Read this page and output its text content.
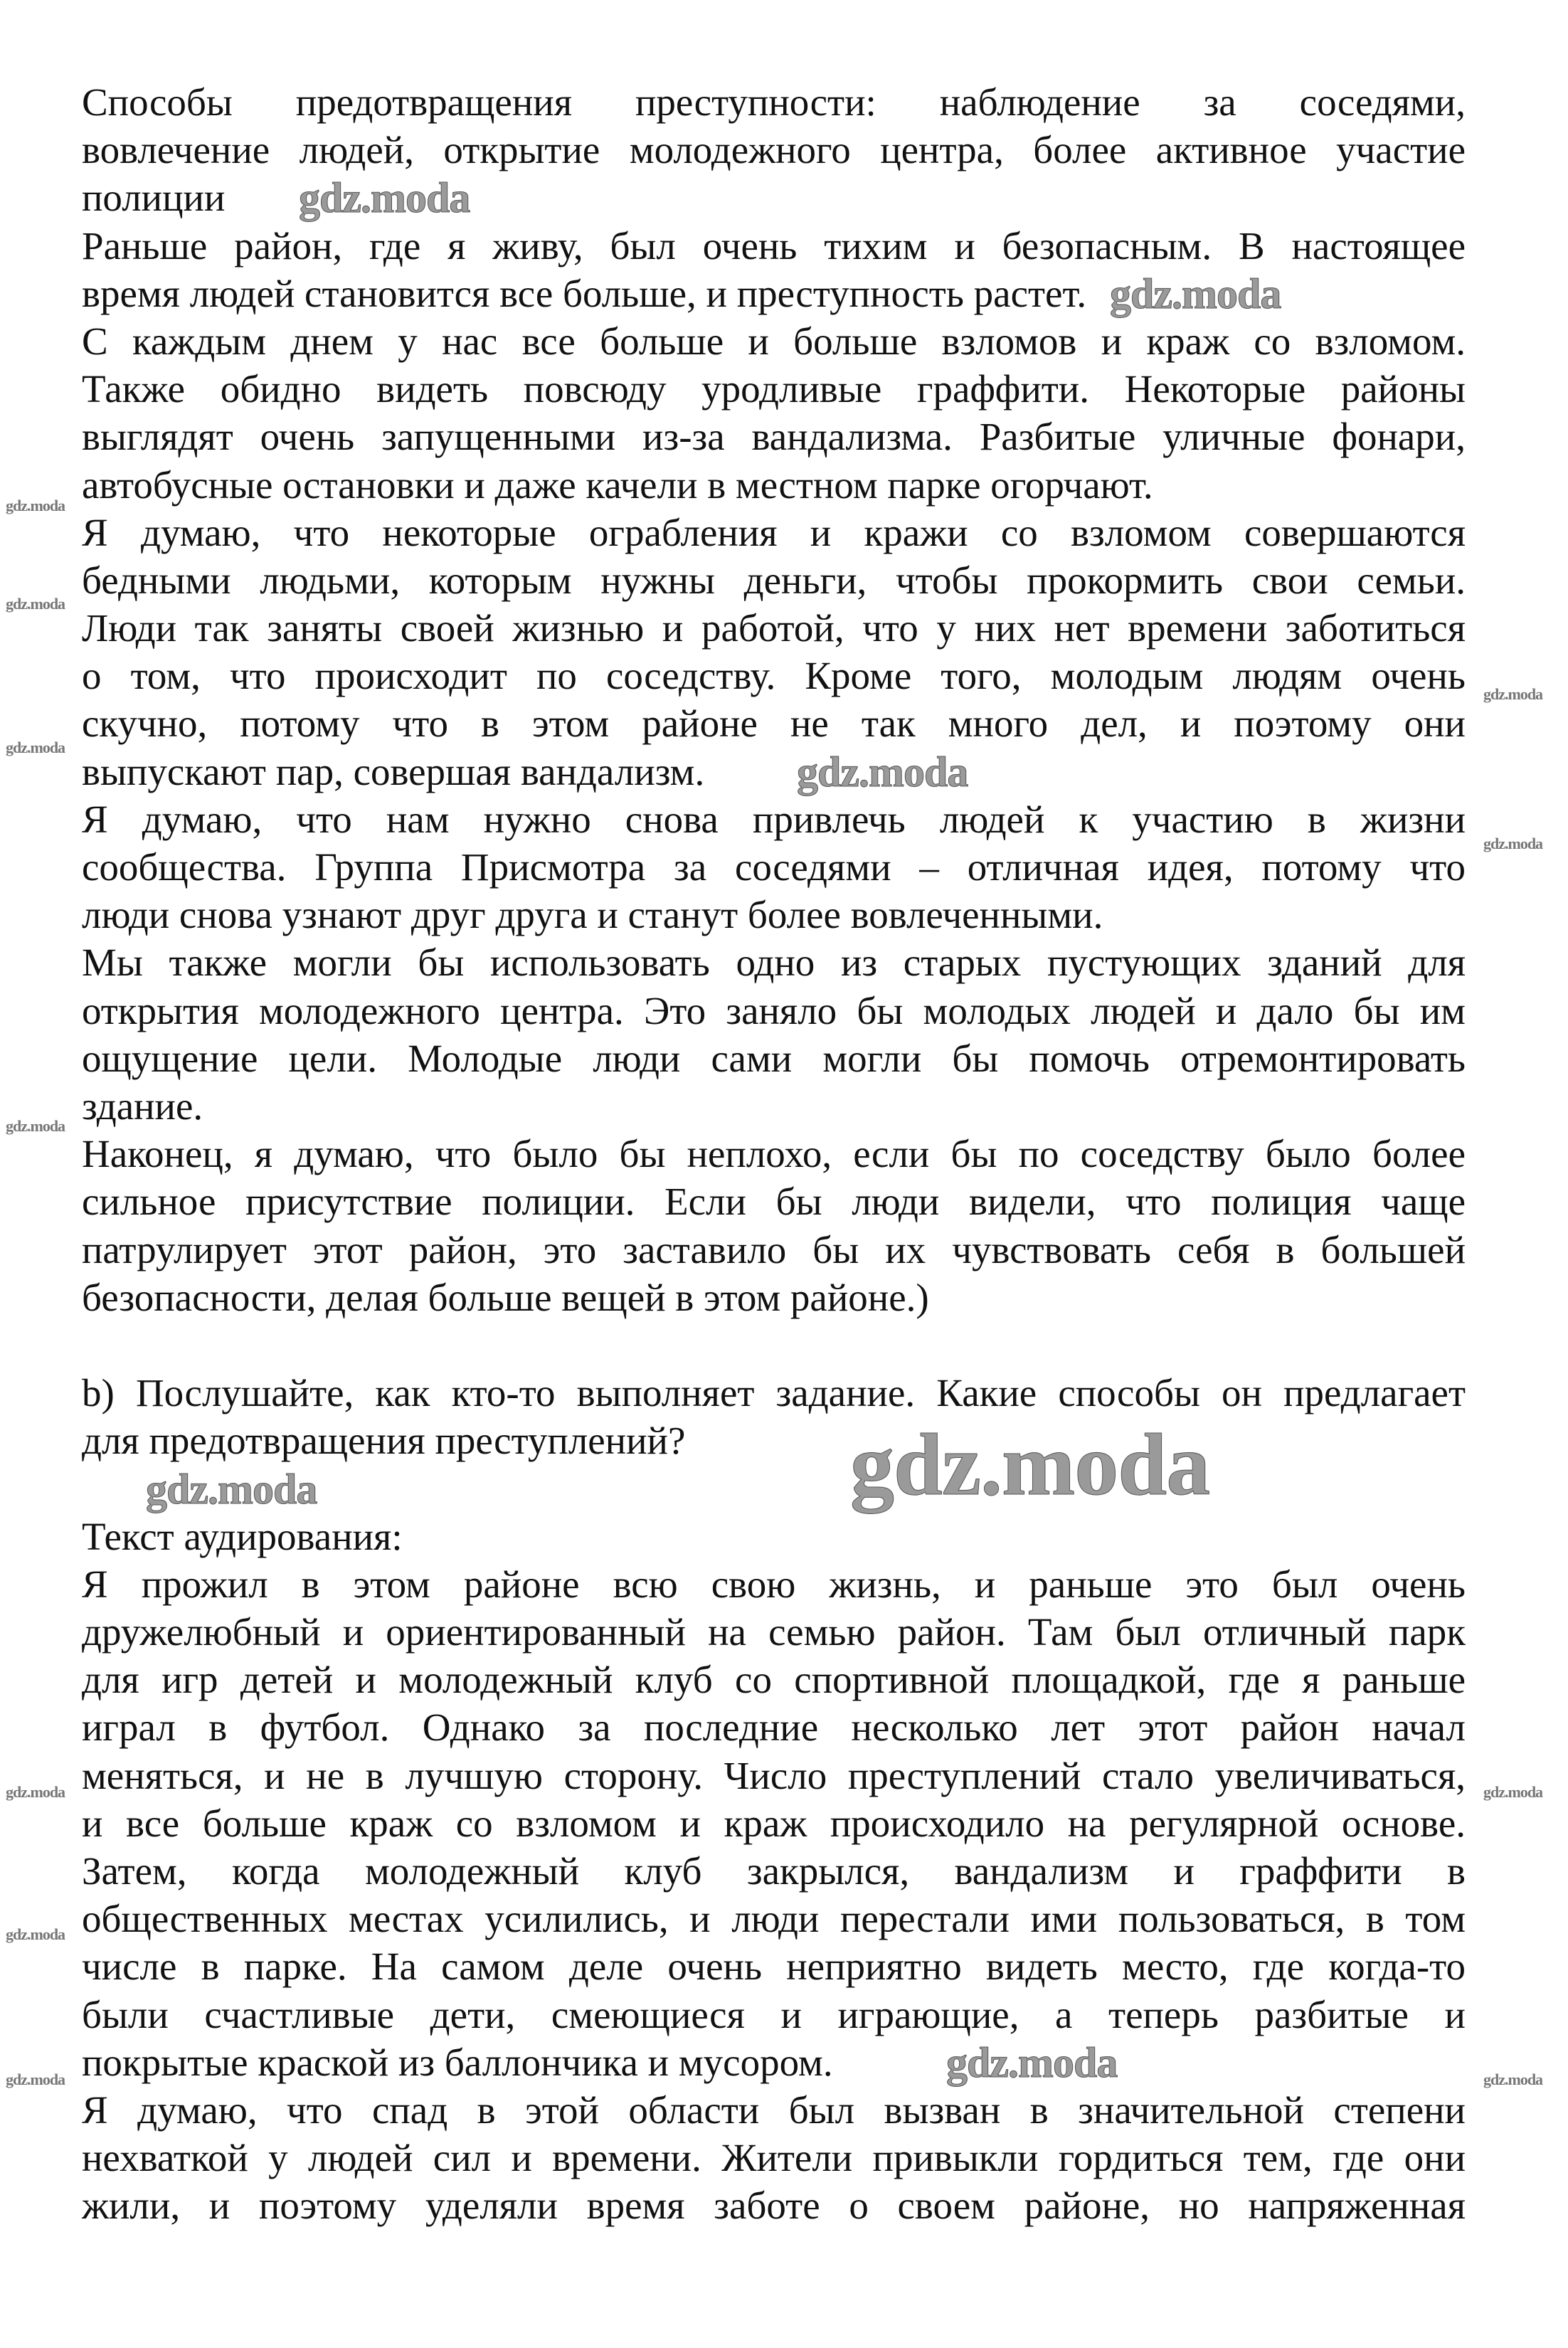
Способы предотвращения преступности: наблюдение за соседями,
вовлечение людей, открытие молодежного центра, более активное участие
полиции
Раньше район, где я живу, был очень тихим и безопасным. В настоящее
время людей становится все больше, и преступность растет.
С каждым днем у нас все больше и больше взломов и краж со взломом.
Также обидно видеть повсюду уродливые граффити. Некоторые районы
выглядят очень запущенными из-за вандализма. Разбитые уличные фонари,
автобусные остановки и даже качели в местном парке огорчают.
Я думаю, что некоторые ограбления и кражи со взломом совершаются
бедными людьми, которым нужны деньги, чтобы прокормить свои семьи.
Люди так заняты своей жизнью и работой, что у них нет времени заботиться
о том, что происходит по соседству. Кроме того, молодым людям очень
скучно, потому что в этом районе не так много дел, и поэтому они
выпускают пар, совершая вандализм.
Я думаю, что нам нужно снова привлечь людей к участию в жизни
сообщества. Группа Присмотра за соседями – отличная идея, потому что
люди снова узнают друг друга и станут более вовлеченными.
Мы также могли бы использовать одно из старых пустующих зданий для
открытия молодежного центра. Это заняло бы молодых людей и дало бы им
ощущение цели. Молодые люди сами могли бы помочь отремонтировать
здание.
Наконец, я думаю, что было бы неплохо, если бы по соседству было более
сильное присутствие полиции. Если бы люди видели, что полиция чаще
патрулирует этот район, это заставило бы их чувствовать себя в большей
безопасности, делая больше вещей в этом районе.)
b) Послушайте, как кто-то выполняет задание. Какие способы он предлагает
для предотвращения преступлений?
Текст аудирования:
Я прожил в этом районе всю свою жизнь, и раньше это был очень
дружелюбный и ориентированный на семью район. Там был отличный парк
для игр детей и молодежный клуб со спортивной площадкой, где я раньше
играл в футбол. Однако за последние несколько лет этот район начал
меняться, и не в лучшую сторону. Число преступлений стало увеличиваться,
и все больше краж со взломом и краж происходило на регулярной основе.
Затем, когда молодежный клуб закрылся, вандализм и граффити в
общественных местах усилились, и люди перестали ими пользоваться, в том
числе в парке. На самом деле очень неприятно видеть место, где когда-то
были счастливые дети, смеющиеся и играющие, а теперь разбитые и
покрытые краской из баллончика и мусором.
Я думаю, что спад в этой области был вызван в значительной степени
нехваткой у людей сил и времени. Жители привыкли гордиться тем, где они
жили, и поэтому уделяли время заботе о своем районе, но напряженная
gdz.moda
gdz.moda
gdz.moda
gdz.moda
gdz.moda
gdz.moda
gdz.moda
gdz.moda
gdz.moda
gdz.moda
gdz.moda
gdz.moda
gdz.moda	gdz.moda
gdz.moda
gdz.moda	gdz.moda
